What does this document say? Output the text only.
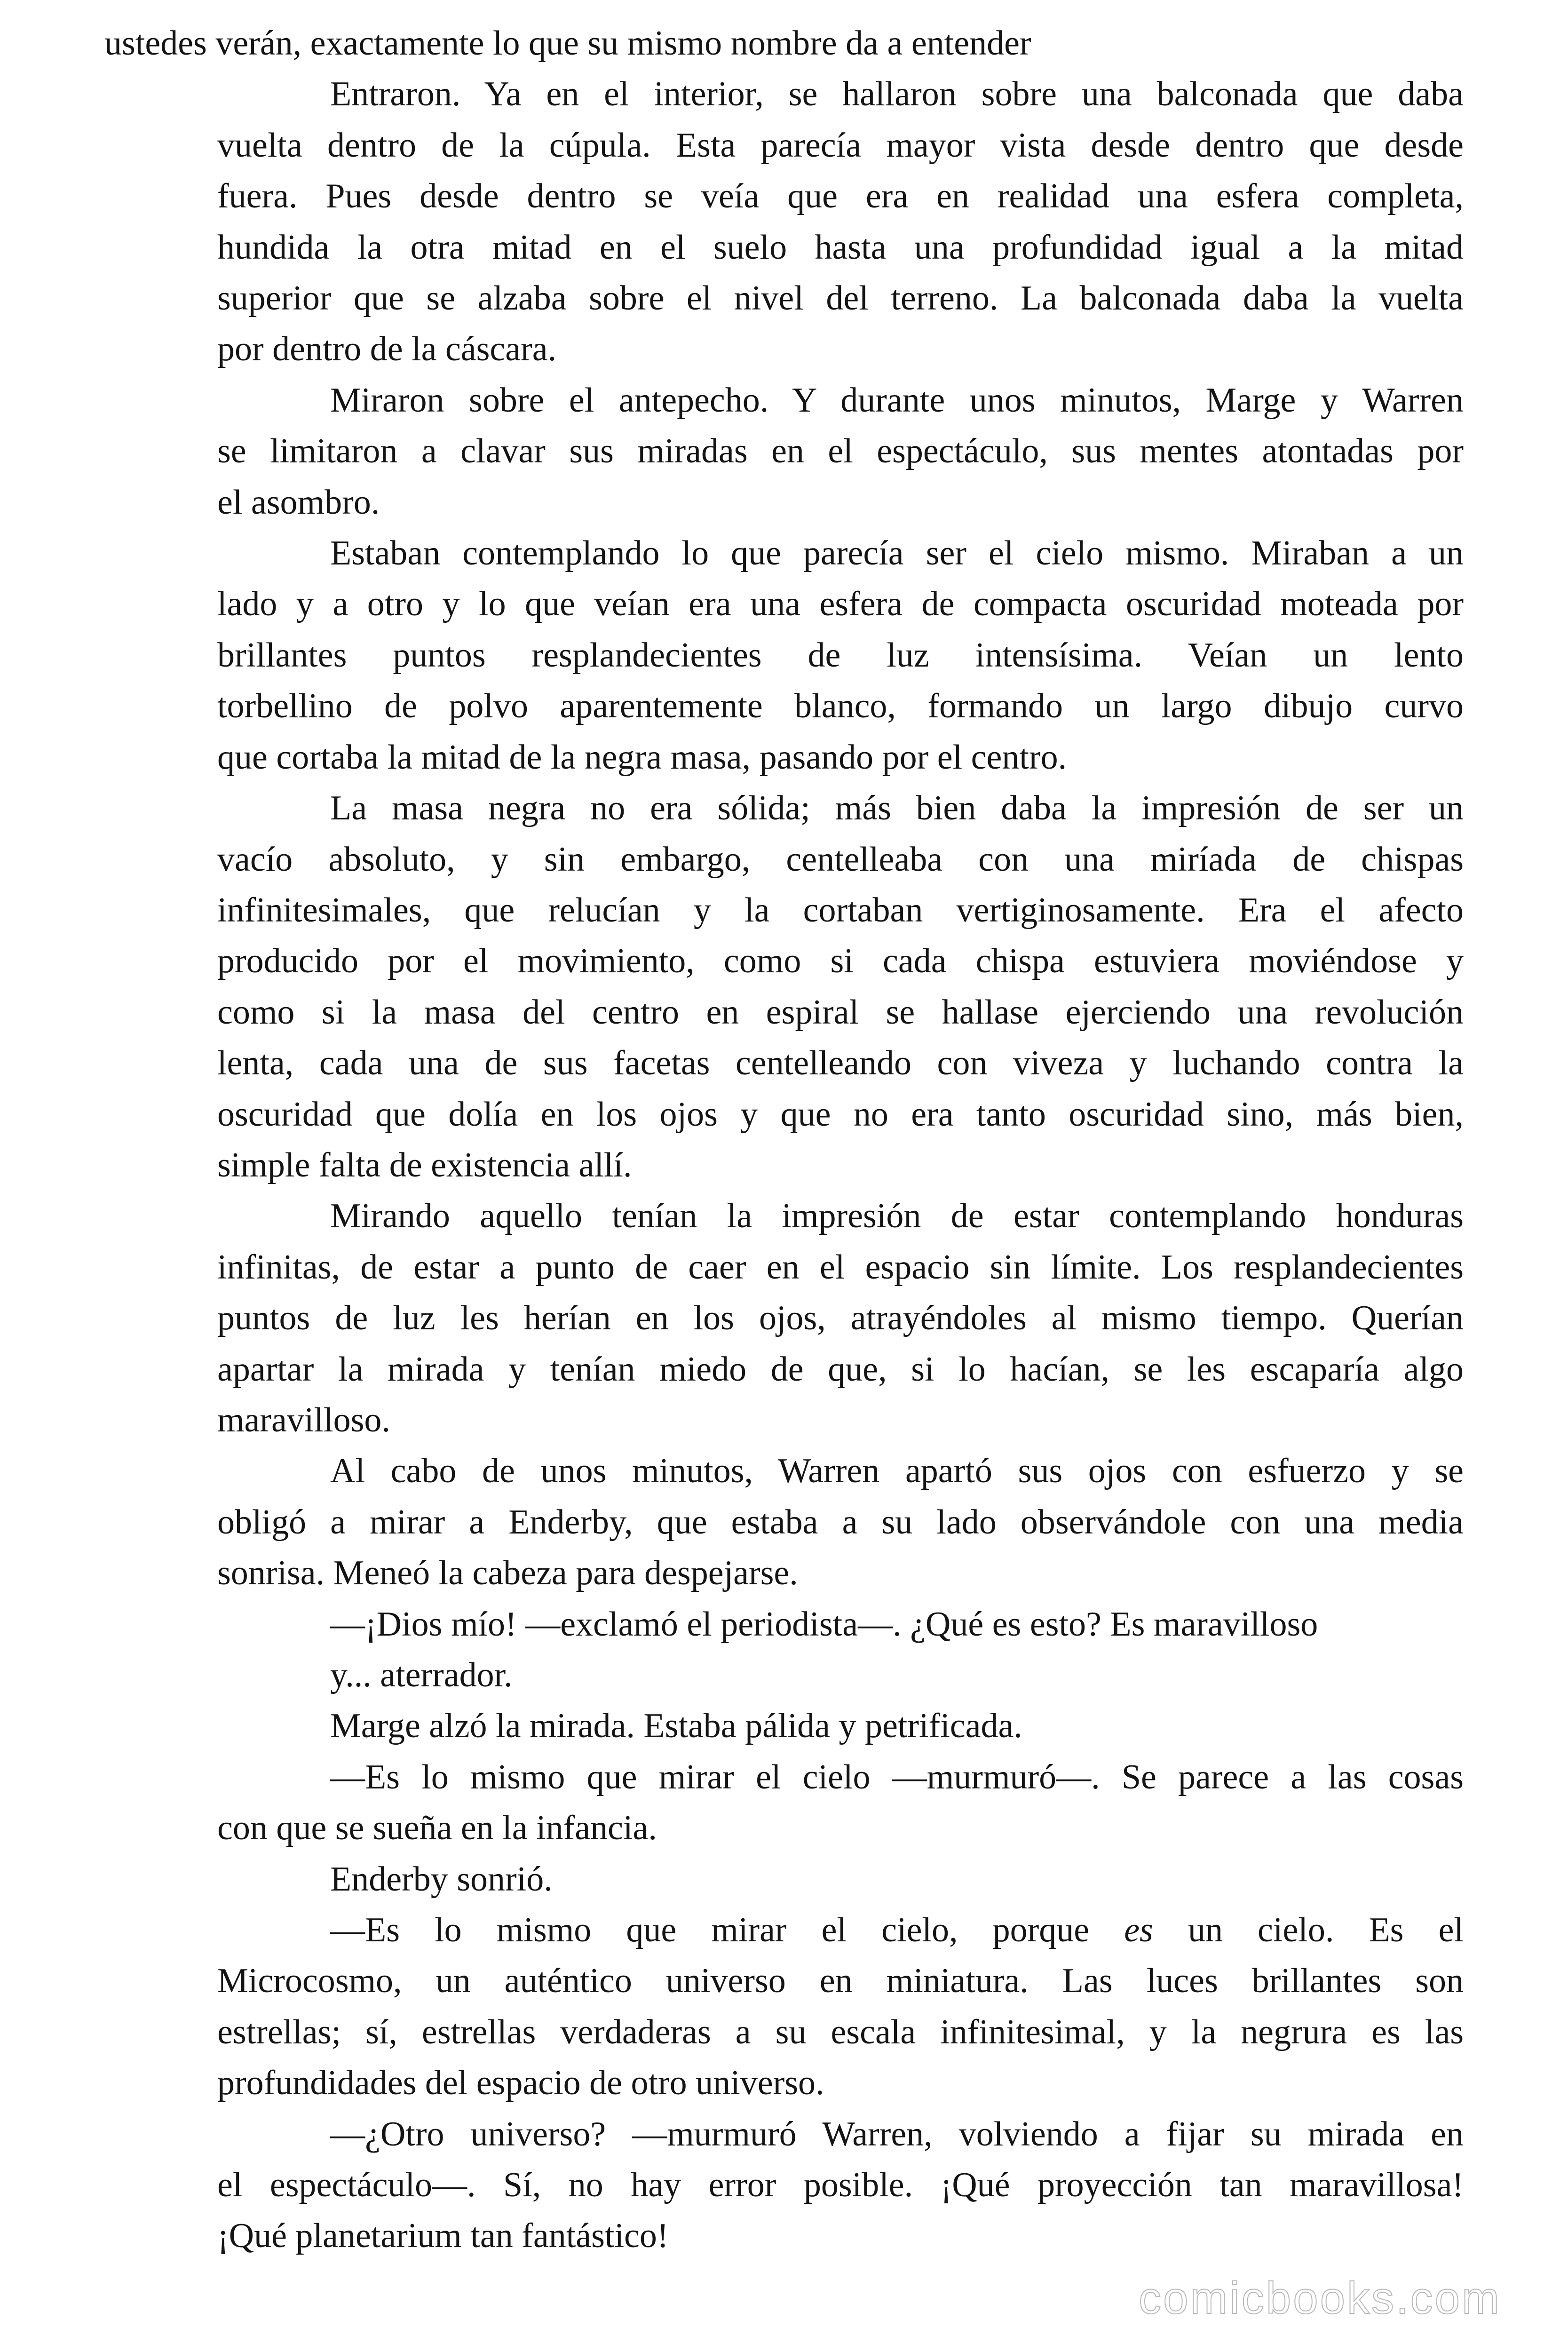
ustedes verán, exactamente lo que su mismo nombre da a entender

Entraron. Ya en el interior, se hallaron sobre una balconada que daba
vuelta dentro de la cúpula. Esta parecía mayor vista desde dentro que desde
fuera. Pues desde dentro se veía que era en realidad una esfera completa,
hundida la otra mitad en el suelo hasta una profundidad igual a la mitad
superior que se alzaba sobre el nivel del terreno. La balconada daba la vuelta
por dentro de la cáscara.

Miraron sobre el antepecho. Y durante unos minutos, Marge y Warren
se limitaron a clavar sus miradas en el espectáculo, sus mentes atontadas por
el asombro.

Estaban contemplando lo que parecía ser el cielo mismo. Miraban a un
lado y a otro y lo que veían era una esfera de compacta oscuridad moteada por
brillantes puntos resplandecientes de luz intensísima. Veían un lento
torbellino de polvo aparentemente blanco, formando un largo dibujo curvo
que cortaba la mitad de la negra masa, pasando por el centro.

La masa negra no era sólida; más bien daba la impresión de ser un
vacío absoluto, y sin embargo, centelleaba con una miríada de chispas
infinitesimales, que relucían y la cortaban vertiginosamente. Era el afecto
producido por el movimiento, como si cada chispa estuviera moviéndose y
como si la masa del centro en espiral se hallase ejerciendo una revolución
lenta, cada una de sus facetas centelleando con viveza y luchando contra la
oscuridad que dolía en los ojos y que no era tanto oscuridad sino, más bien,
simple falta de existencia allí.

Mirando aquello tenían la impresión de estar contemplando honduras
infinitas, de estar a punto de caer en el espacio sin límite. Los resplandecientes
puntos de luz les herían en los ojos, atrayéndoles al mismo tiempo. Querían
apartar la mirada y tenían miedo de que, si lo hacían, se les escaparía algo
maravilloso.

Al cabo de unos minutos, Warren apartó sus ojos con esfuerzo y se
obligó a mirar a Enderby, que estaba a su lado observándole con una media
sonrisa. Meneó la cabeza para despejarse.

—¡Dios mío! —exclamó el periodista—. ¿Qué es esto? Es maravilloso

y... aterrador.

Marge alzó la mirada. Estaba pálida y petrificada.

—Es lo mismo que mirar el cielo —murmuró—. Se parece a las cosas
con que se sueña en la infancia.

Enderby sonrió.

—Es lo mismo que mirar el cielo, porque es un cielo. Es el
Microcosmo, un auténtico universo en miniatura. Las luces brillantes son
estrellas; sí, estrellas verdaderas a su escala infinitesimal, y la negrura es las
profundidades del espacio de otro universo.

—¿Otro universo? —murmuró Warren, volviendo a fijar su mirada en
el espectáculo—. Sí, no hay error posible. ¡Qué proyección tan maravillosa!
¡Qué planetarium tan fantástico!

comicbooks.com
